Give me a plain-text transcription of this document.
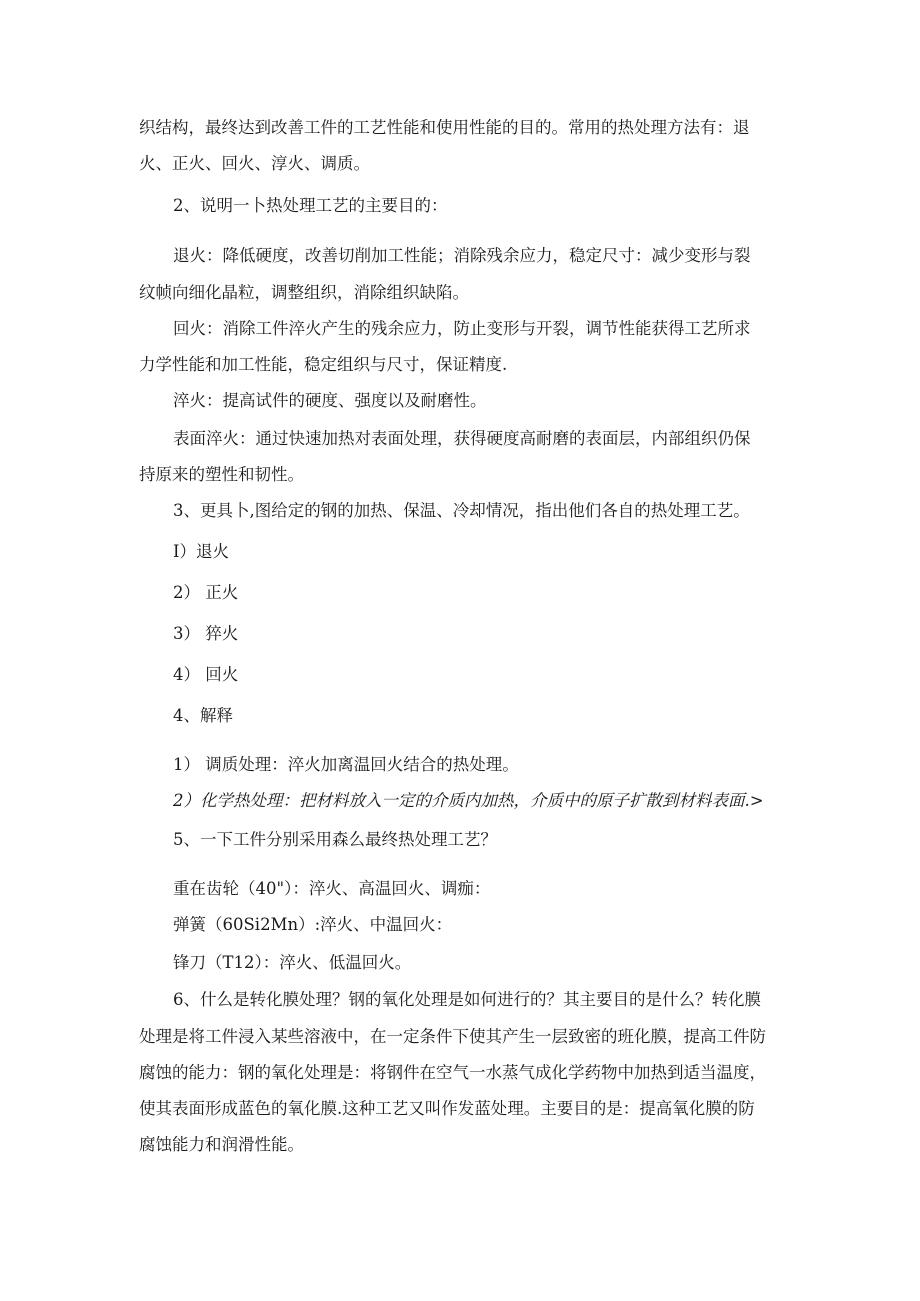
织结构，最终达到改善工件的工艺性能和使用性能的目的。常用的热处理方法有：退
火、正火、回火、淳火、调质。
2、说明一卜热处理工艺的主要目的：
退火：降低硬度，改善切削加工性能；消除残余应力，稳定尺寸：减少变形与裂
纹帧向细化晶粒，调整组织，消除组织缺陷。
回火：消除工件淬火产生的残余应力，防止变形与开裂，调节性能获得工艺所求
力学性能和加工性能，稳定组织与尺寸，保证精度.
淬火：提高试件的硬度、强度以及耐磨性。
表面淬火：通过快速加热对表面处理，获得硬度高耐磨的表面层，内部组织仍保
持原来的塑性和韧性。
3、更具卜,图给定的钢的加热、保温、冷却情况，指出他们各自的热处理工艺。
I）退火
2） 正火
3） 猝火
4） 回火
4、解释
1） 调质处理：淬火加离温回火结合的热处理。
2）化学热处理：把材料放入一定的介质内加热，介质中的原子扩散到材料表面.>
5、一下工件分别采用森么最终热处理工艺？
重在齿轮（40"）：淬火、高温回火、调痂：
弹簧（60Si2Mn）:淬火、中温回火：
锋刀（T12）：淬火、低温回火。
6、什么是转化膜处理？钢的氧化处理是如何进行的？其主要目的是什么？转化膜
处理是将工件浸入某些溶液中，在一定条件下使其产生一层致密的班化膜，提高工件防
腐蚀的能力：钢的氧化处理是：将钢件在空气一水蒸气成化学药物中加热到适当温度，
使其表面形成蓝色的氧化膜.这种工艺又叫作发蓝处理。主要目的是：提高氧化膜的防
腐蚀能力和润滑性能。
